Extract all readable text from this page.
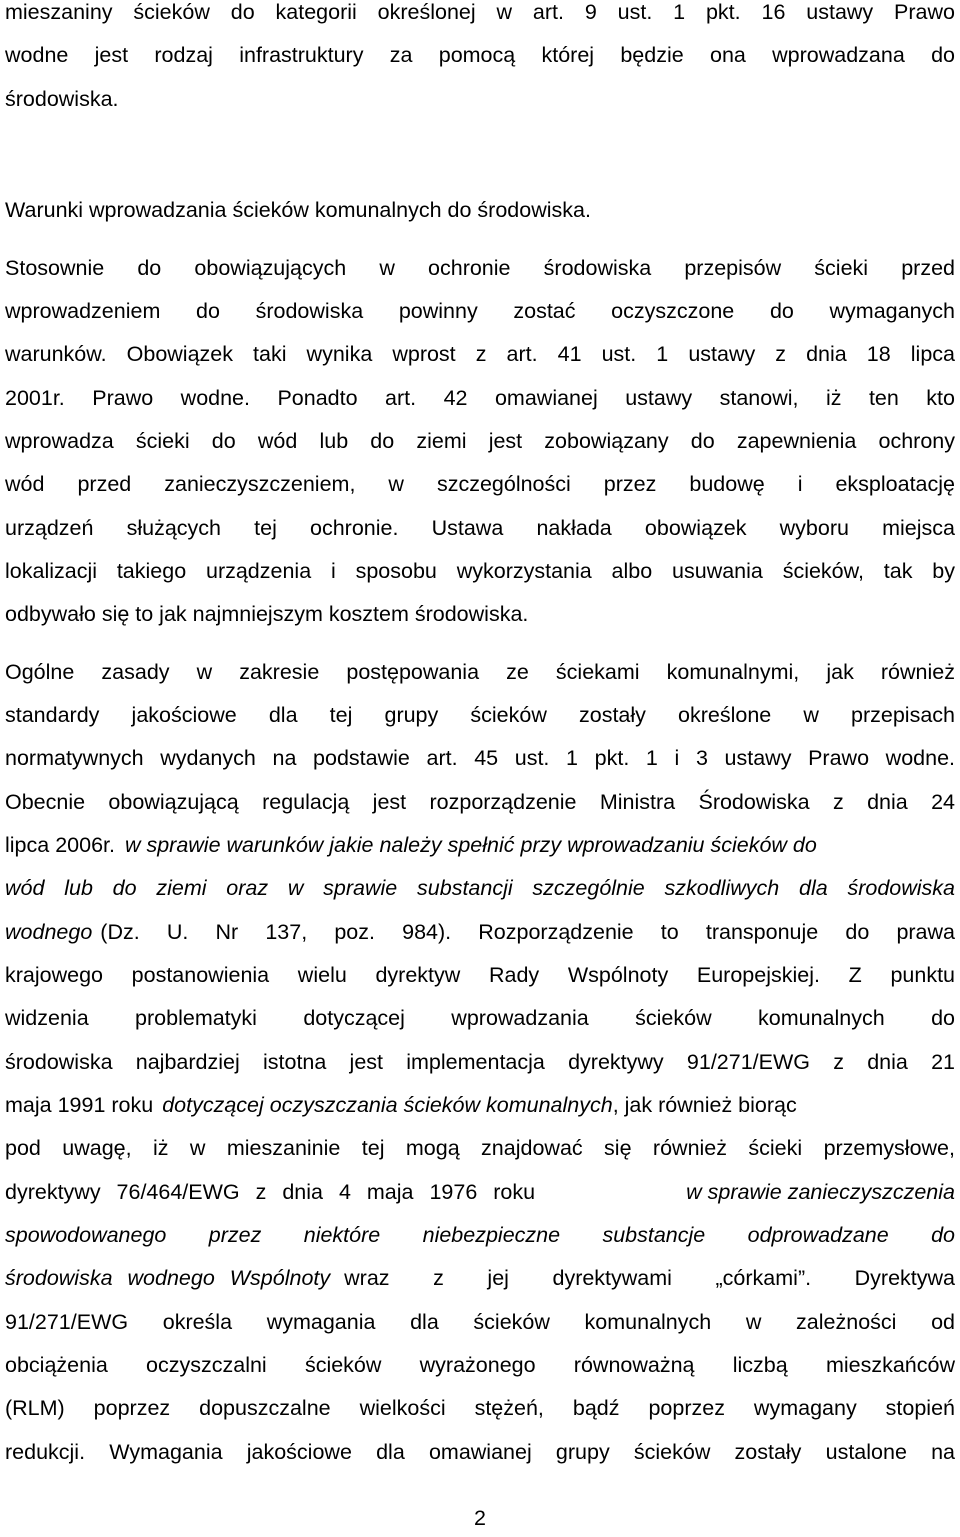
mieszaniny ścieków do kategorii określonej w art. 9 ust. 1 pkt. 16 ustawy Prawo
wodne jest rodzaj infrastruktury za pomocą której będzie ona wprowadzana do
środowiska.
Warunki wprowadzania ścieków komunalnych do środowiska.
Stosownie do obowiązujących w ochronie środowiska przepisów ścieki przed
wprowadzeniem do środowiska powinny zostać oczyszczone do wymaganych
warunków. Obowiązek taki wynika wprost z art. 41 ust. 1 ustawy z dnia 18 lipca
2001r. Prawo wodne. Ponadto art. 42 omawianej ustawy stanowi, iż ten kto
wprowadza ścieki do wód lub do ziemi jest zobowiązany do zapewnienia ochrony
wód przed zanieczyszczeniem, w szczególności przez budowę i eksploatację
urządzeń służących tej ochronie. Ustawa nakłada obowiązek wyboru miejsca
lokalizacji takiego urządzenia i sposobu wykorzystania albo usuwania ścieków, tak by
odbywało się to jak najmniejszym kosztem środowiska.
Ogólne zasady w zakresie postępowania ze ściekami komunalnymi, jak również
standardy jakościowe dla tej grupy ścieków zostały określone w przepisach
normatywnych wydanych na podstawie art. 45 ust. 1 pkt. 1 i 3 ustawy Prawo wodne.
Obecnie obowiązującą regulacją jest rozporządzenie Ministra Środowiska z dnia 24
lipca 2006r. w sprawie warunków jakie należy spełnić przy wprowadzaniu ścieków do
wód lub do ziemi oraz w sprawie substancji szczególnie szkodliwych dla środowiska
wodnego (Dz. U. Nr 137, poz. 984). Rozporządzenie to transponuje do prawa
krajowego postanowienia wielu dyrektyw Rady Wspólnoty Europejskiej. Z punktu
widzenia problematyki dotyczącej wprowadzania ścieków komunalnych do
środowiska najbardziej istotna jest implementacja dyrektywy 91/271/EWG z dnia 21
maja 1991 roku dotyczącej oczyszczania ścieków komunalnych, jak również biorąc
pod uwagę, iż w mieszaninie tej mogą znajdować się również ścieki przemysłowe,
dyrektywy 76/464/EWG z dnia 4 maja 1976 roku	w sprawie zanieczyszczenia
spowodowanego przez niektóre niebezpieczne substancje odprowadzane do
środowiska wodnego Wspólnoty wraz z jej dyrektywami „córkami”. Dyrektywa
91/271/EWG określa wymagania dla ścieków komunalnych w zależności od
obciążenia oczyszczalni ścieków wyrażonego równoważną liczbą mieszkańców
(RLM) poprzez dopuszczalne wielkości stężeń, bądź poprzez wymagany stopień
redukcji. Wymagania jakościowe dla omawianej grupy ścieków zostały ustalone na
2
